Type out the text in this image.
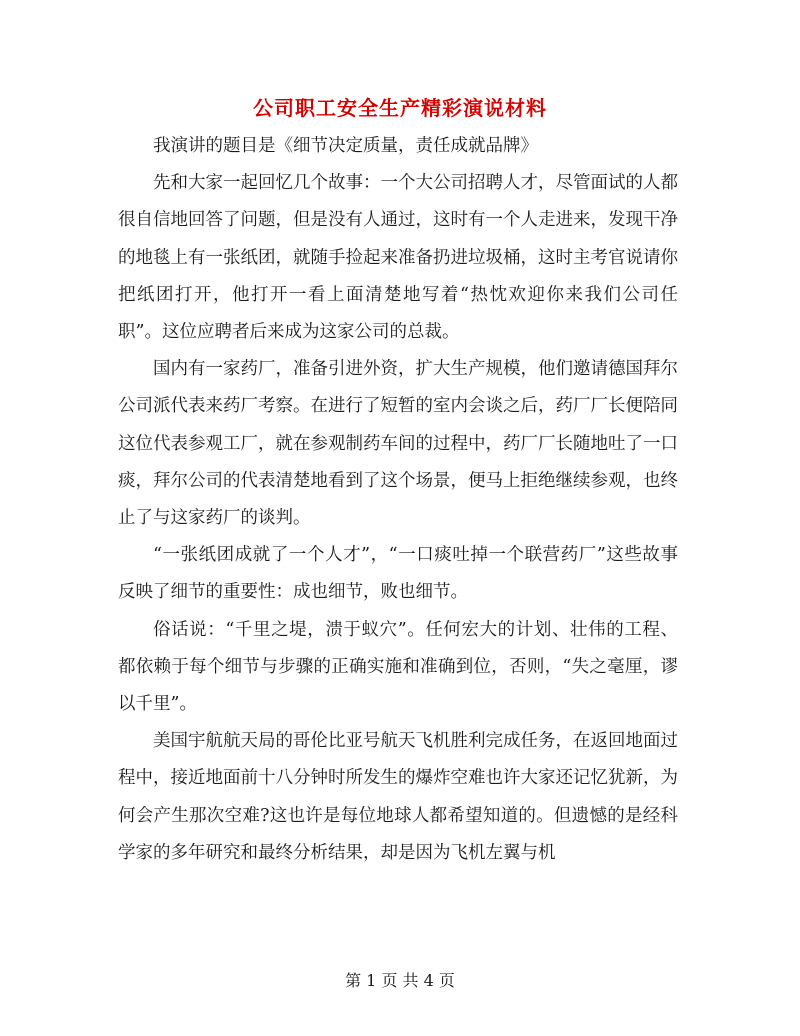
公司职工安全生产精彩演说材料

我演讲的题目是《细节决定质量，责任成就品牌》

先和大家一起回忆几个故事：一个大公司招聘人才，尽管面试的人都很自信地回答了问题，但是没有人通过，这时有一个人走进来，发现干净的地毯上有一张纸团，就随手捡起来准备扔进垃圾桶，这时主考官说请你把纸团打开，他打开一看上面清楚地写着“热忱欢迎你来我们公司任职”。这位应聘者后来成为这家公司的总裁。

国内有一家药厂，准备引进外资，扩大生产规模，他们邀请德国拜尔公司派代表来药厂考察。在进行了短暂的室内会谈之后，药厂厂长便陪同这位代表参观工厂，就在参观制药车间的过程中，药厂厂长随地吐了一口痰，拜尔公司的代表清楚地看到了这个场景，便马上拒绝继续参观，也终止了与这家药厂的谈判。

“一张纸团成就了一个人才”，“一口痰吐掉一个联营药厂”这些故事反映了细节的重要性：成也细节，败也细节。

俗话说：“千里之堤，溃于蚁穴”。任何宏大的计划、壮伟的工程、都依赖于每个细节与步骤的正确实施和准确到位，否则，“失之毫厘，谬以千里”。

美国宇航航天局的哥伦比亚号航天飞机胜利完成任务，在返回地面过程中，接近地面前十八分钟时所发生的爆炸空难也许大家还记忆犹新，为何会产生那次空难?这也许是每位地球人都希望知道的。但遗憾的是经科学家的多年研究和最终分析结果，却是因为飞机左翼与机

第 1 页 共 4 页
